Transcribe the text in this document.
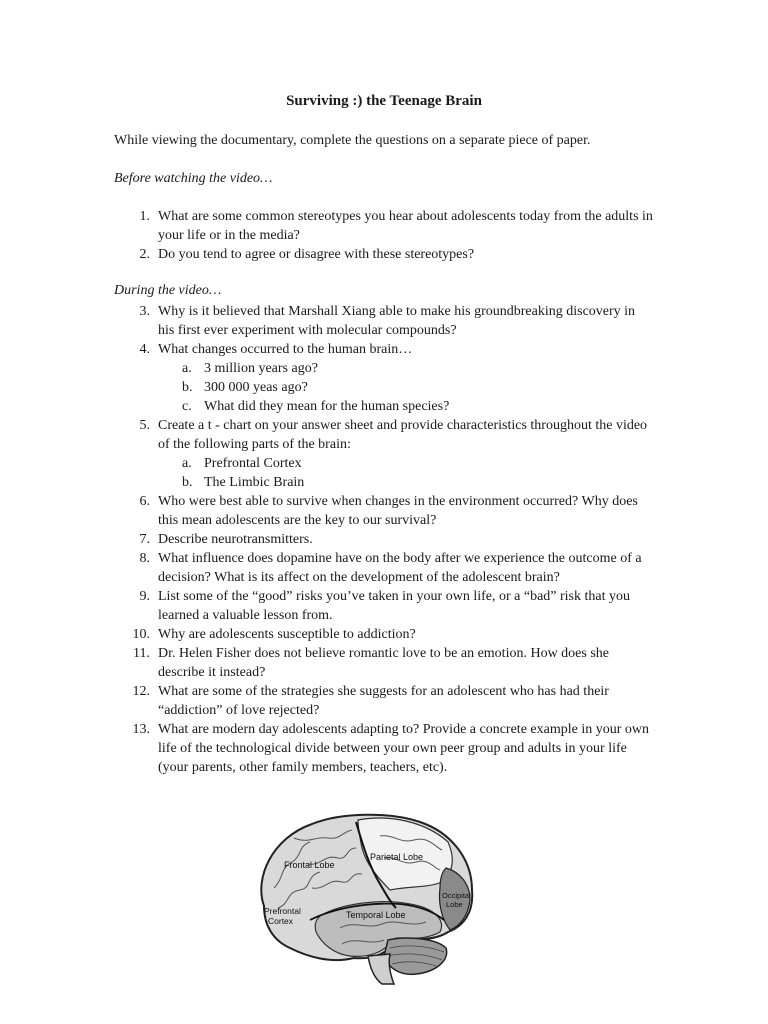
Surviving :) the Teenage Brain
While viewing the documentary, complete the questions on a separate piece of paper.
Before watching the video…
1. What are some common stereotypes you hear about adolescents today from the adults in your life or in the media?
2. Do you tend to agree or disagree with these stereotypes?
During the video…
3. Why is it believed that Marshall Xiang able to make his groundbreaking discovery in his first ever experiment with molecular compounds?
4. What changes occurred to the human brain…
a. 3 million years ago?
b. 300 000 yeas ago?
c. What did they mean for the human species?
5. Create a t - chart on your answer sheet and provide characteristics throughout the video of the following parts of the brain:
a. Prefrontal Cortex
b. The Limbic Brain
6. Who were best able to survive when changes in the environment occurred? Why does this mean adolescents are the key to our survival?
7. Describe neurotransmitters.
8. What influence does dopamine have on the body after we experience the outcome of a decision? What is its affect on the development of the adolescent brain?
9. List some of the “good” risks you’ve taken in your own life, or a “bad” risk that you learned a valuable lesson from.
10. Why are adolescents susceptible to addiction?
11. Dr. Helen Fisher does not believe romantic love to be an emotion. How does she describe it instead?
12. What are some of the strategies she suggests for an adolescent who has had their “addiction” of love rejected?
13. What are modern day adolescents adapting to? Provide a concrete example in your own life of the technological divide between your own peer group and adults in your life (your parents, other family members, teachers, etc).
Frontal Lobe
Parietal Lobe
Prefrontal
Cortex
Temporal Lobe
Occipital
Lobe
